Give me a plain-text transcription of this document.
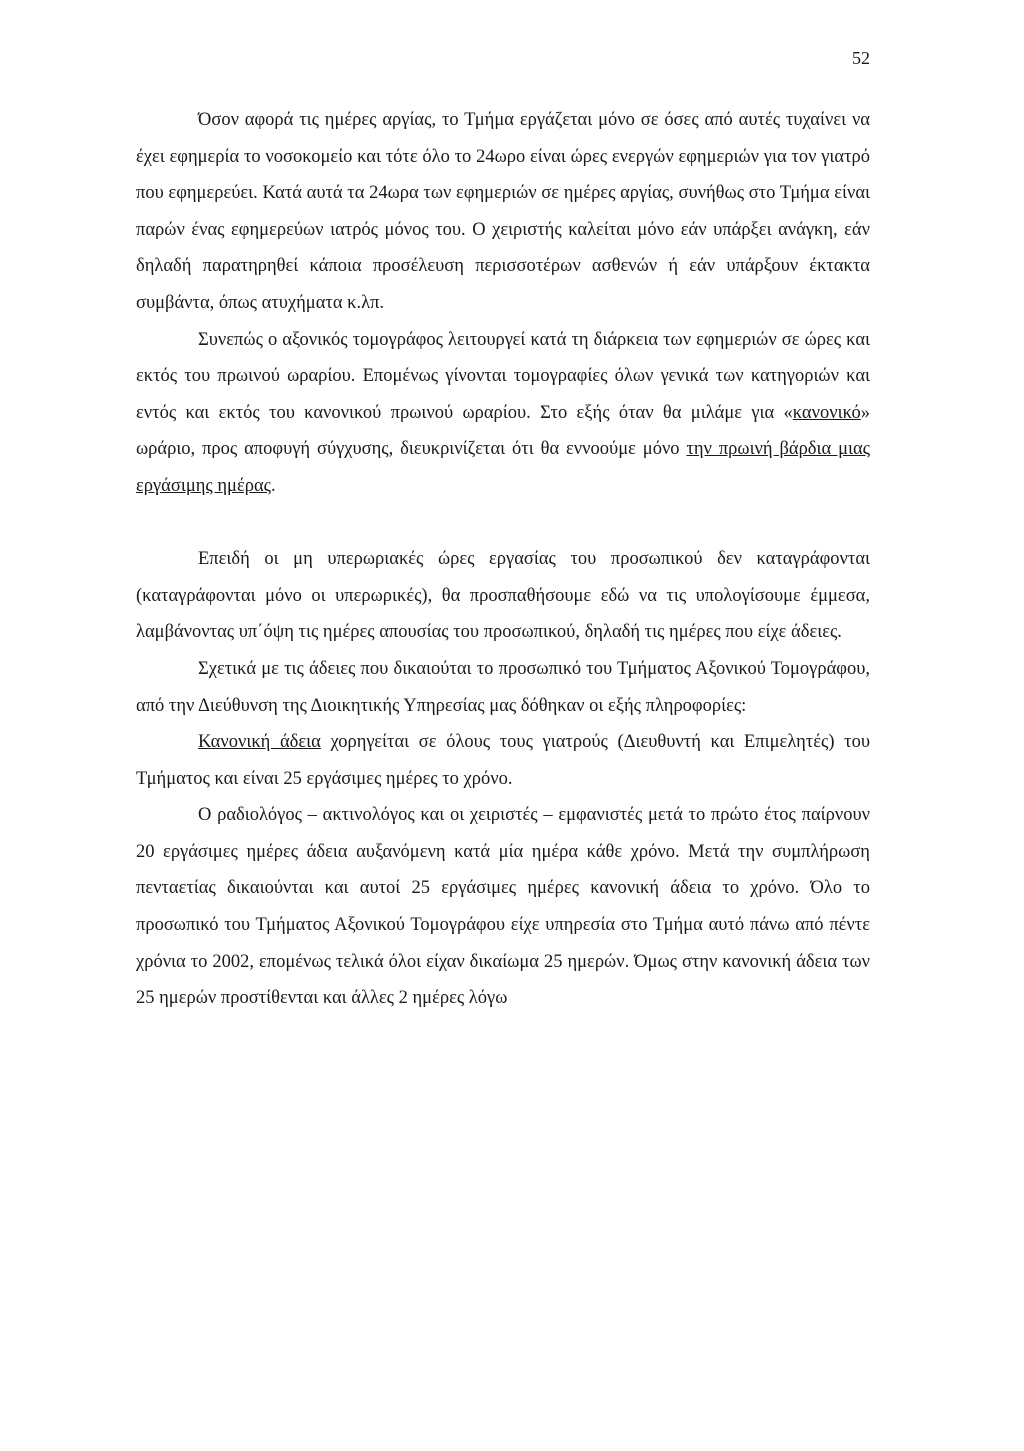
52

Όσον αφορά τις ημέρες αργίας, το Τμήμα εργάζεται μόνο σε όσες από αυτές τυχαίνει να έχει εφημερία το νοσοκομείο και τότε όλο το 24ωρο είναι ώρες ενεργών εφημεριών για τον γιατρό που εφημερεύει. Κατά αυτά τα 24ωρα των εφημεριών σε ημέρες αργίας, συνήθως στο Τμήμα είναι παρών ένας εφημερεύων ιατρός μόνος του. Ο χειριστής καλείται μόνο εάν υπάρξει ανάγκη, εάν δηλαδή παρατηρηθεί κάποια προσέλευση περισσοτέρων ασθενών ή εάν υπάρξουν έκτακτα συμβάντα, όπως ατυχήματα κ.λπ.

Συνεπώς ο αξονικός τομογράφος λειτουργεί κατά τη διάρκεια των εφημεριών σε ώρες και εκτός του πρωινού ωραρίου. Επομένως γίνονται τομογραφίες όλων γενικά των κατηγοριών και εντός και εκτός του κανονικού πρωινού ωραρίου. Στο εξής όταν θα μιλάμε για «κανονικό» ωράριο, προς αποφυγή σύγχυσης, διευκρινίζεται ότι θα εννοούμε μόνο την πρωινή βάρδια μιας εργάσιμης ημέρας.

Επειδή οι μη υπερωριακές ώρες εργασίας του προσωπικού δεν καταγράφονται (καταγράφονται μόνο οι υπερωρικές), θα προσπαθήσουμε εδώ να τις υπολογίσουμε έμμεσα, λαμβάνοντας υπ΄όψη τις ημέρες απουσίας του προσωπικού, δηλαδή τις ημέρες που είχε άδειες.

Σχετικά με τις άδειες που δικαιούται το προσωπικό του Τμήματος Αξονικού Τομογράφου, από την Διεύθυνση της Διοικητικής Υπηρεσίας μας δόθηκαν οι εξής πληροφορίες:

Κανονική άδεια χορηγείται σε όλους τους γιατρούς (Διευθυντή και Επιμελητές) του Τμήματος και είναι 25 εργάσιμες ημέρες το χρόνο.

Ο ραδιολόγος – ακτινολόγος και οι χειριστές – εμφανιστές μετά το πρώτο έτος παίρνουν 20 εργάσιμες ημέρες άδεια αυξανόμενη κατά μία ημέρα κάθε χρόνο. Μετά την συμπλήρωση πενταετίας δικαιούνται και αυτοί 25 εργάσιμες ημέρες κανονική άδεια το χρόνο. Όλο το προσωπικό του Τμήματος Αξονικού Τομογράφου είχε υπηρεσία στο Τμήμα αυτό πάνω από πέντε χρόνια το 2002, επομένως τελικά όλοι είχαν δικαίωμα 25 ημερών. Όμως στην κανονική άδεια των 25 ημερών προστίθενται και άλλες 2 ημέρες λόγω
